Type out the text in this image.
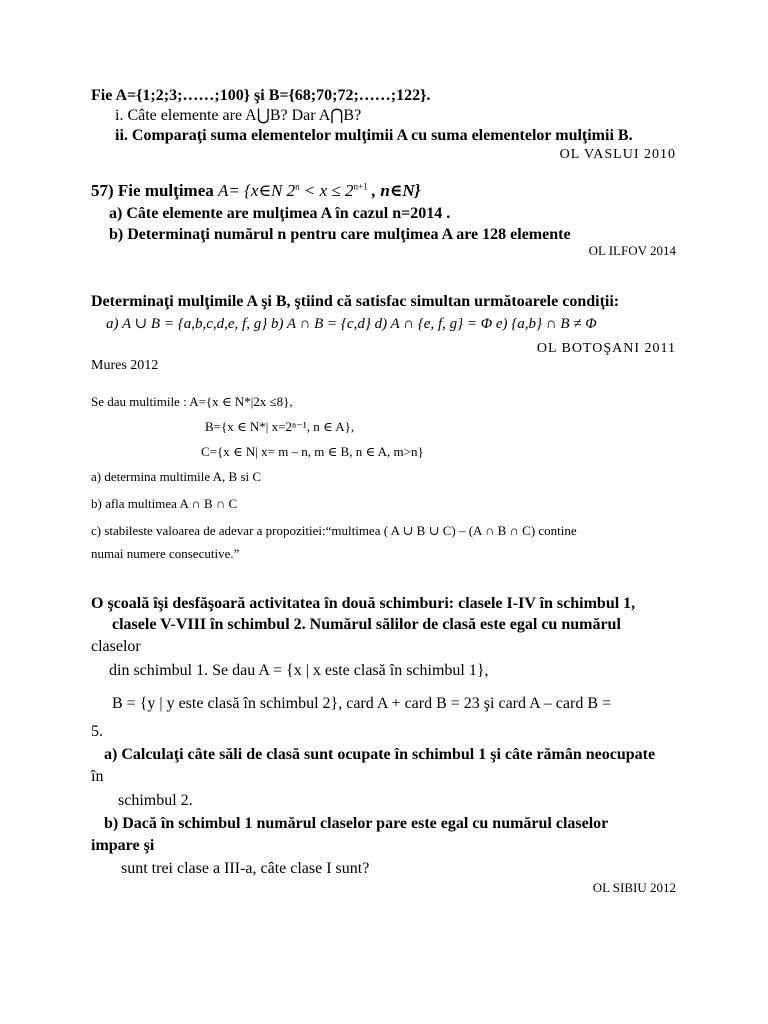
Fie A={1;2;3;……;100} şi B={68;70;72;……;122}.
i. Câte elemente are A⋃B? Dar A⋂B?
ii. Comparaţi suma elementelor mulţimii A cu suma elementelor mulţimii B.
OL VASLUI 2010
57) Fie mulţimea A= {x∈N $2^n < x \le 2^{n+1}$ , n∈N}
a) Câte elemente are mulţimea A în cazul n=2014 .
b) Determinaţi numărul n pentru care mulţimea A are 128 elemente
OL ILFOV 2014
Determinaţi mulţimile A şi B, ştiind că satisfac simultan următoarele condiţii:
a) A ∪ B = {a,b,c,d,e, f, g} b) A ∩ B = {c,d} d) A ∩ {e, f, g} = Φ e) {a,b} ∩ B ≠ Φ
OL BOTOŞANI 2011
Mures 2012
Se dau multimile : A={x ∈ N*|2x ≤8},
B={x ∈ N*| x=2ⁿ⁻¹, n ∈ A},
C={x ∈ N| x= m – n, m ∈ B, n ∈ A, m>n}
a) determina multimile A, B si C
b) afla multimea A ∩ B ∩ C
c) stabileste valoarea de adevar a propozitiei:“multimea ( A ∪ B ∪ C) – (A ∩ B ∩ C) contine
numai numere consecutive.”
O şcoală îşi desfăşoară activitatea în două schimburi: clasele I-IV în schimbul 1,
clasele V-VIII în schimbul 2. Numărul sălilor de clasă este egal cu numărul
claselor
din schimbul 1. Se dau A = {x | x este clasă în schimbul 1},
B = {y | y este clasă în schimbul 2}, card A + card B = 23 şi card A – card B =
5.
a) Calculaţi câte săli de clasă sunt ocupate în schimbul 1 şi câte rămân neocupate
în
schimbul 2.
b) Dacă în schimbul 1 numărul claselor pare este egal cu numărul claselor
impare şi
sunt trei clase a III-a, câte clase I sunt?
OL SIBIU 2012
